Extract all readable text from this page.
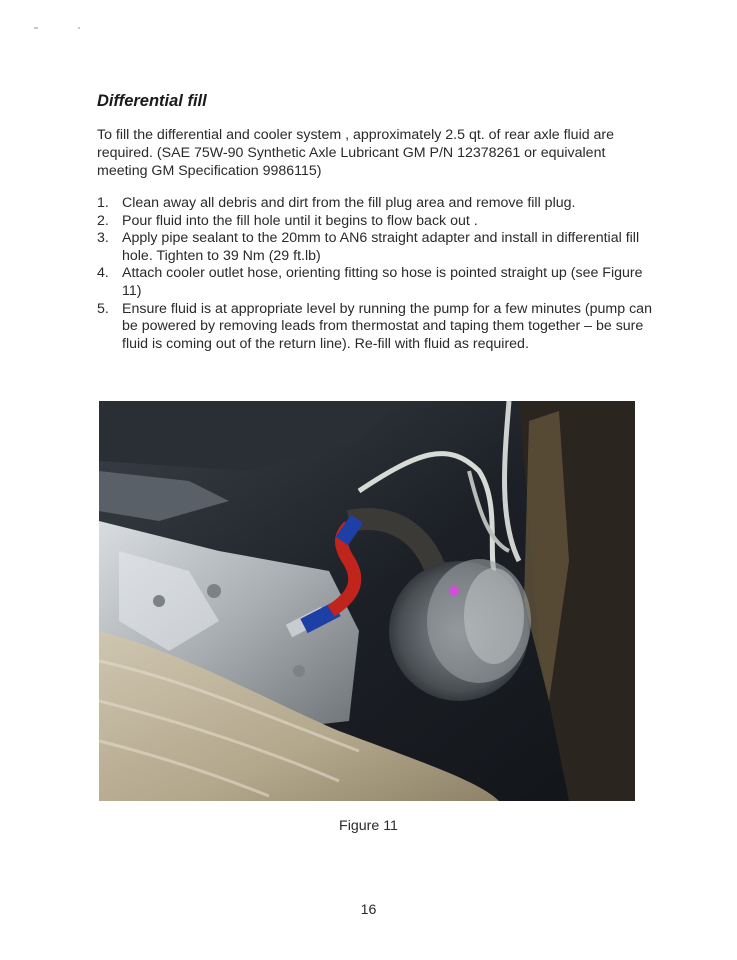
Differential fill

To fill the differential and cooler system , approximately 2.5 qt. of rear axle fluid are required. (SAE 75W-90 Synthetic Axle Lubricant GM P/N 12378261 or equivalent meeting GM Specification 9986115)

1. Clean away all debris and dirt from the fill plug area and remove fill plug.
2. Pour fluid into the fill hole until it begins to flow back out .
3. Apply pipe sealant to the 20mm to AN6 straight adapter and install in differential fill hole. Tighten to 39 Nm (29 ft.lb)
4. Attach cooler outlet hose, orienting fitting so hose is pointed straight up (see Figure 11)
5. Ensure fluid is at appropriate level by running the pump for a few minutes (pump can be powered by removing leads from thermostat and taping them together – be sure fluid is coming out of the return line). Re-fill with fluid as required.
Figure 11
16
